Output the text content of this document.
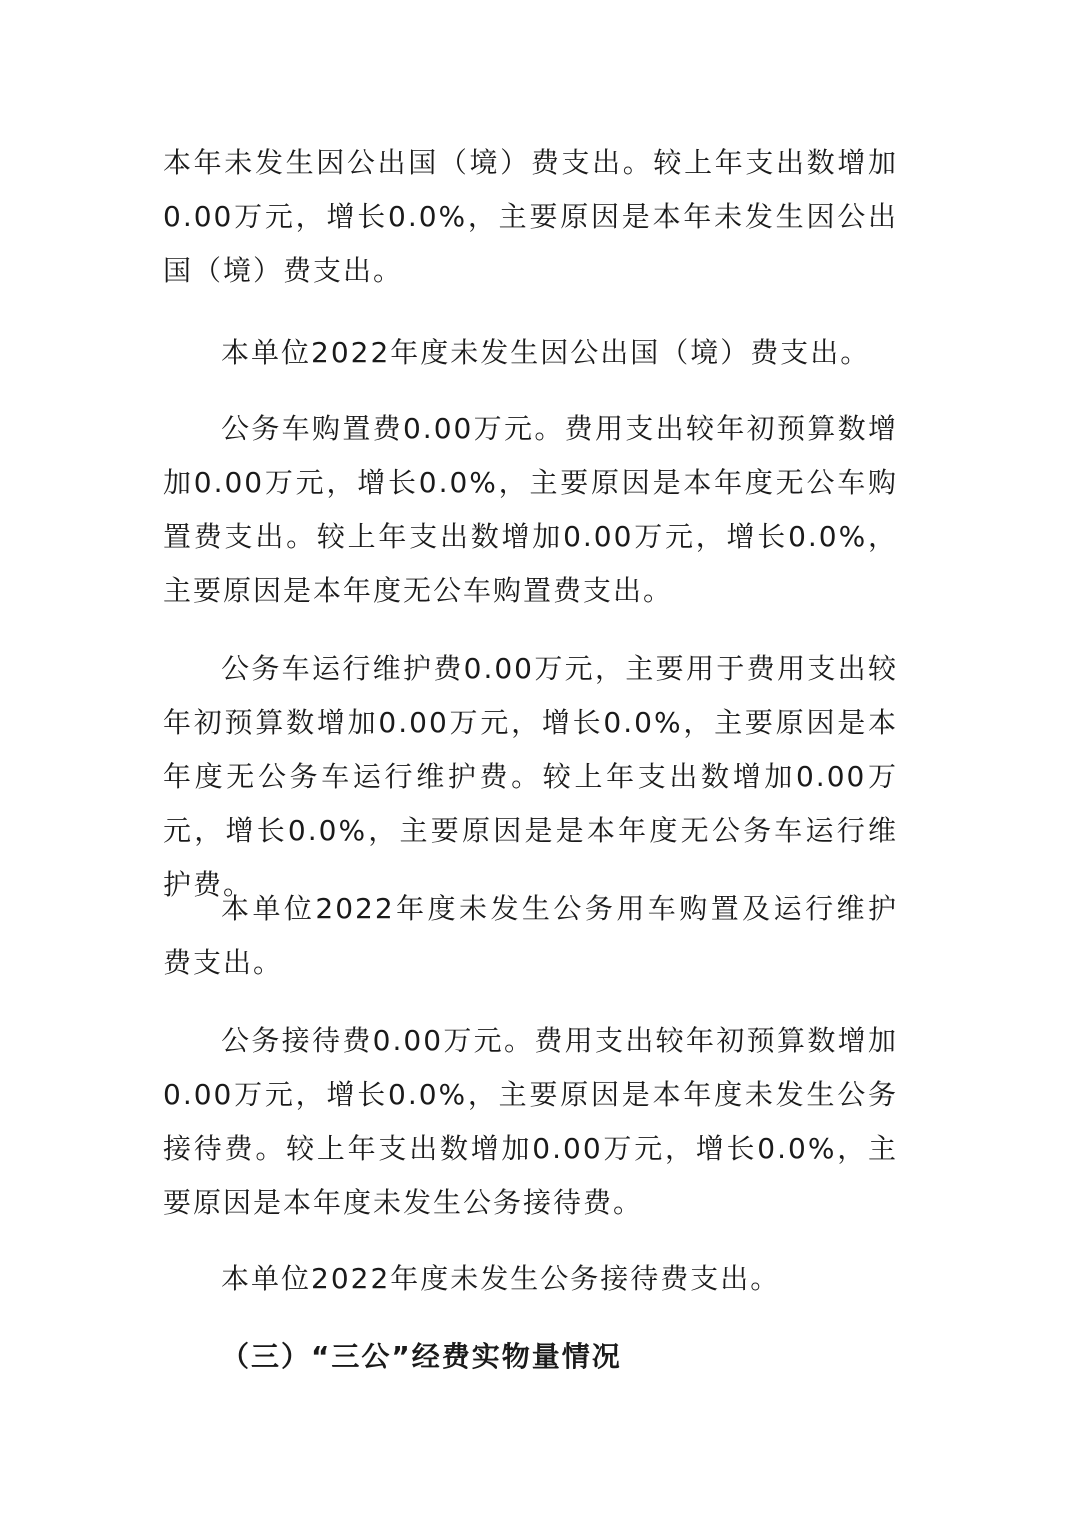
本年未发生因公出国（境）费支出。较上年支出数增加0.00万元，增长0.0%，主要原因是本年未发生因公出国（境）费支出。

本单位2022年度未发生因公出国（境）费支出。

公务车购置费0.00万元。费用支出较年初预算数增加0.00万元，增长0.0%，主要原因是本年度无公车购置费支出。较上年支出数增加0.00万元，增长0.0%，主要原因是本年度无公车购置费支出。

公务车运行维护费0.00万元，主要用于费用支出较年初预算数增加0.00万元，增长0.0%，主要原因是本年度无公务车运行维护费。较上年支出数增加0.00万元，增长0.0%，主要原因是是本年度无公务车运行维护费。

本单位2022年度未发生公务用车购置及运行维护费支出。

公务接待费0.00万元。费用支出较年初预算数增加0.00万元，增长0.0%，主要原因是本年度未发生公务接待费。较上年支出数增加0.00万元，增长0.0%，主要原因是本年度未发生公务接待费。

本单位2022年度未发生公务接待费支出。

（三）“三公”经费实物量情况
